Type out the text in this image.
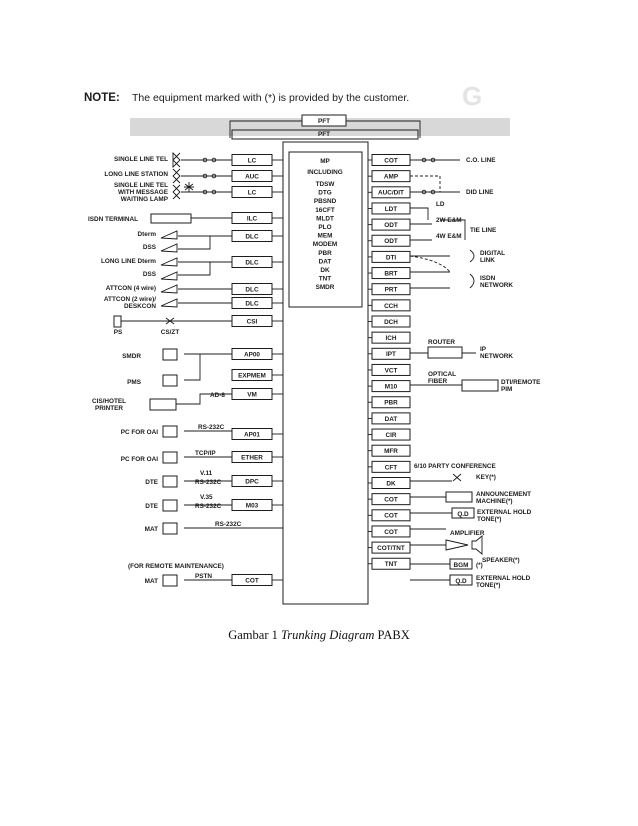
G
NOTE: The equipment marked with (*) is provided by the customer.
PFT
PFT
MP
INCLUDING
TDSW
DTG
PBSND
16CFT
MLDT
PLO
MEM
MODEM
PBR
DAT
DK
TNT
SMDR
SINGLE LINE TEL
LONG LINE STATION
SINGLE LINE TEL
WITH MESSAGE
WAITING LAMP
ISDN TERMINAL
Dterm
DSS
LONG LINE Dterm
DSS
ATTCON (4 wire)
ATTCON (2 wire)/
DESKCON
PS	CS/ZT
SMDR
PMS
CIS/HOTEL
PRINTER
PC FOR OAI
PC FOR OAI
DTE
DTE
MAT
(FOR REMOTE MAINTENANCE)
MAT
AD-8
RS-232C
TCP/IP
V.11
RS-232C
V.35
RS-232C
RS-232C
PSTN
LC
AUC
LC
ILC
DLC
DLC
DLC
DLC
CSI
AP00
EXPMEM
VM
AP01
ETHER
DPC
M03
COT
COT
AMP
AUC/DIT
LDT
ODT
ODT
DTI
BRT
PRT
CCH
DCH
ICH
IPT
VCT
M10
PBR
DAT
CIR
MFR
CFT
DK
COT
COT
COT
COT/TNT
TNT
C.O. LINE
DID LINE
LD
2W E&M
4W E&M
TIE LINE
DIGITAL
LINK
ISDN
NETWORK
ROUTER
IP
NETWORK
OPTICAL
FIBER	DTI/REMOTE
PIM
6/10 PARTY CONFERENCE
KEY(*)
ANNOUNCEMENT
MACHINE(*)
Q.D EXTERNAL HOLD
TONE(*)
AMPLIFIER
SPEAKER(*)
BGM (*)
Q.D EXTERNAL HOLD
TONE(*)
Gambar 1 Trunking Diagram PABX
